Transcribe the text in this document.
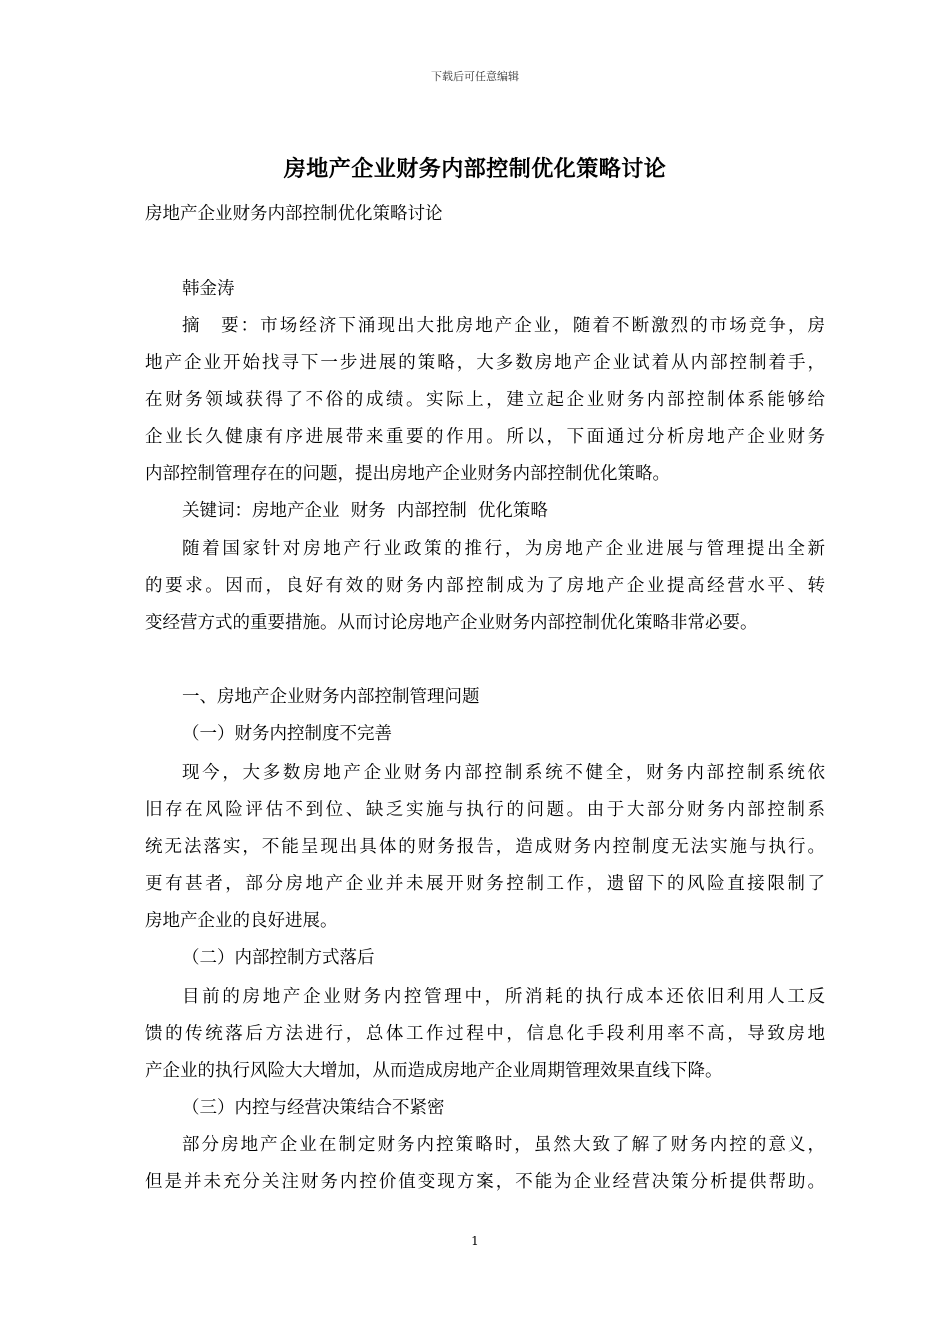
下载后可任意编辑
房地产企业财务内部控制优化策略讨论
房地产企业财务内部控制优化策略讨论
韩金涛
摘　要：市场经济下涌现出大批房地产企业，随着不断激烈的市场竞争，房
地产企业开始找寻下一步进展的策略，大多数房地产企业试着从内部控制着手，
在财务领域获得了不俗的成绩。实际上，建立起企业财务内部控制体系能够给
企业长久健康有序进展带来重要的作用。所以，下面通过分析房地产企业财务
内部控制管理存在的问题，提出房地产企业财务内部控制优化策略。
关键词：房地产企业  财务  内部控制  优化策略
随着国家针对房地产行业政策的推行，为房地产企业进展与管理提出全新
的要求。因而，良好有效的财务内部控制成为了房地产企业提高经营水平、转
变经营方式的重要措施。从而讨论房地产企业财务内部控制优化策略非常必要。
一、房地产企业财务内部控制管理问题
（一）财务内控制度不完善
现今，大多数房地产企业财务内部控制系统不健全，财务内部控制系统依
旧存在风险评估不到位、缺乏实施与执行的问题。由于大部分财务内部控制系
统无法落实，不能呈现出具体的财务报告，造成财务内控制度无法实施与执行。
更有甚者，部分房地产企业并未展开财务控制工作，遗留下的风险直接限制了
房地产企业的良好进展。
（二）内部控制方式落后
目前的房地产企业财务内控管理中，所消耗的执行成本还依旧利用人工反
馈的传统落后方法进行，总体工作过程中，信息化手段利用率不高，导致房地
产企业的执行风险大大增加，从而造成房地产企业周期管理效果直线下降。
（三）内控与经营决策结合不紧密
部分房地产企业在制定财务内控策略时，虽然大致了解了财务内控的意义，
但是并未充分关注财务内控价值变现方案，不能为企业经营决策分析提供帮助。
1
